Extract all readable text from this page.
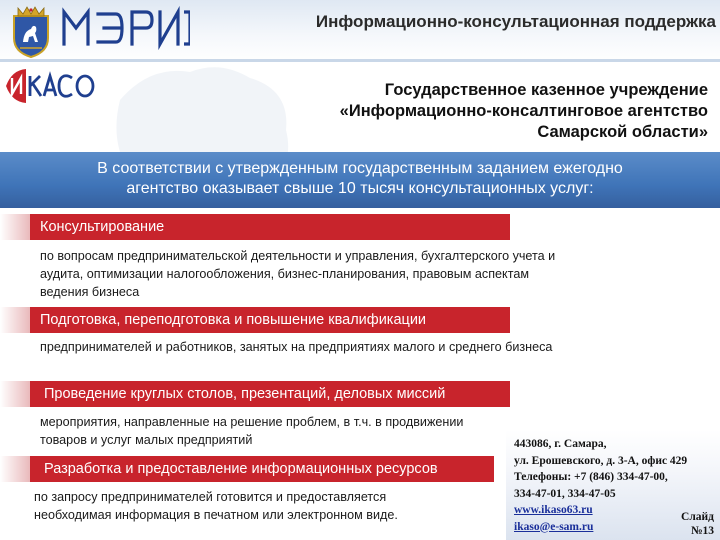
Информационно-консультационная поддержка
Государственное казенное учреждение
«Информационно-консалтинговое агентство
Самарской области»
В соответствии с утвержденным государственным заданием ежегодно
агентство оказывает свыше 10 тысяч консультационных услуг:
Консультирование
по вопросам предпринимательской деятельности и управления, бухгалтерского учета и
аудита, оптимизации налогообложения, бизнес-планирования, правовым аспектам
ведения бизнеса
Подготовка, переподготовка и повышение квалификации
предпринимателей и работников, занятых на предприятиях малого и среднего бизнеса
Проведение круглых столов, презентаций, деловых миссий
мероприятия, направленные на решение проблем, в т.ч. в продвижении
товаров и услуг малых предприятий
Разработка и предоставление информационных ресурсов
по запросу предпринимателей готовится и предоставляется
необходимая информация в печатном или электронном виде.
443086, г. Самара,
ул. Ерошевского, д. 3-А, офис 429
Телефоны: +7 (846) 334-47-00,
334-47-01, 334-47-05
www.ikaso63.ru
ikaso@e-sam.ru
Слайд
№13
